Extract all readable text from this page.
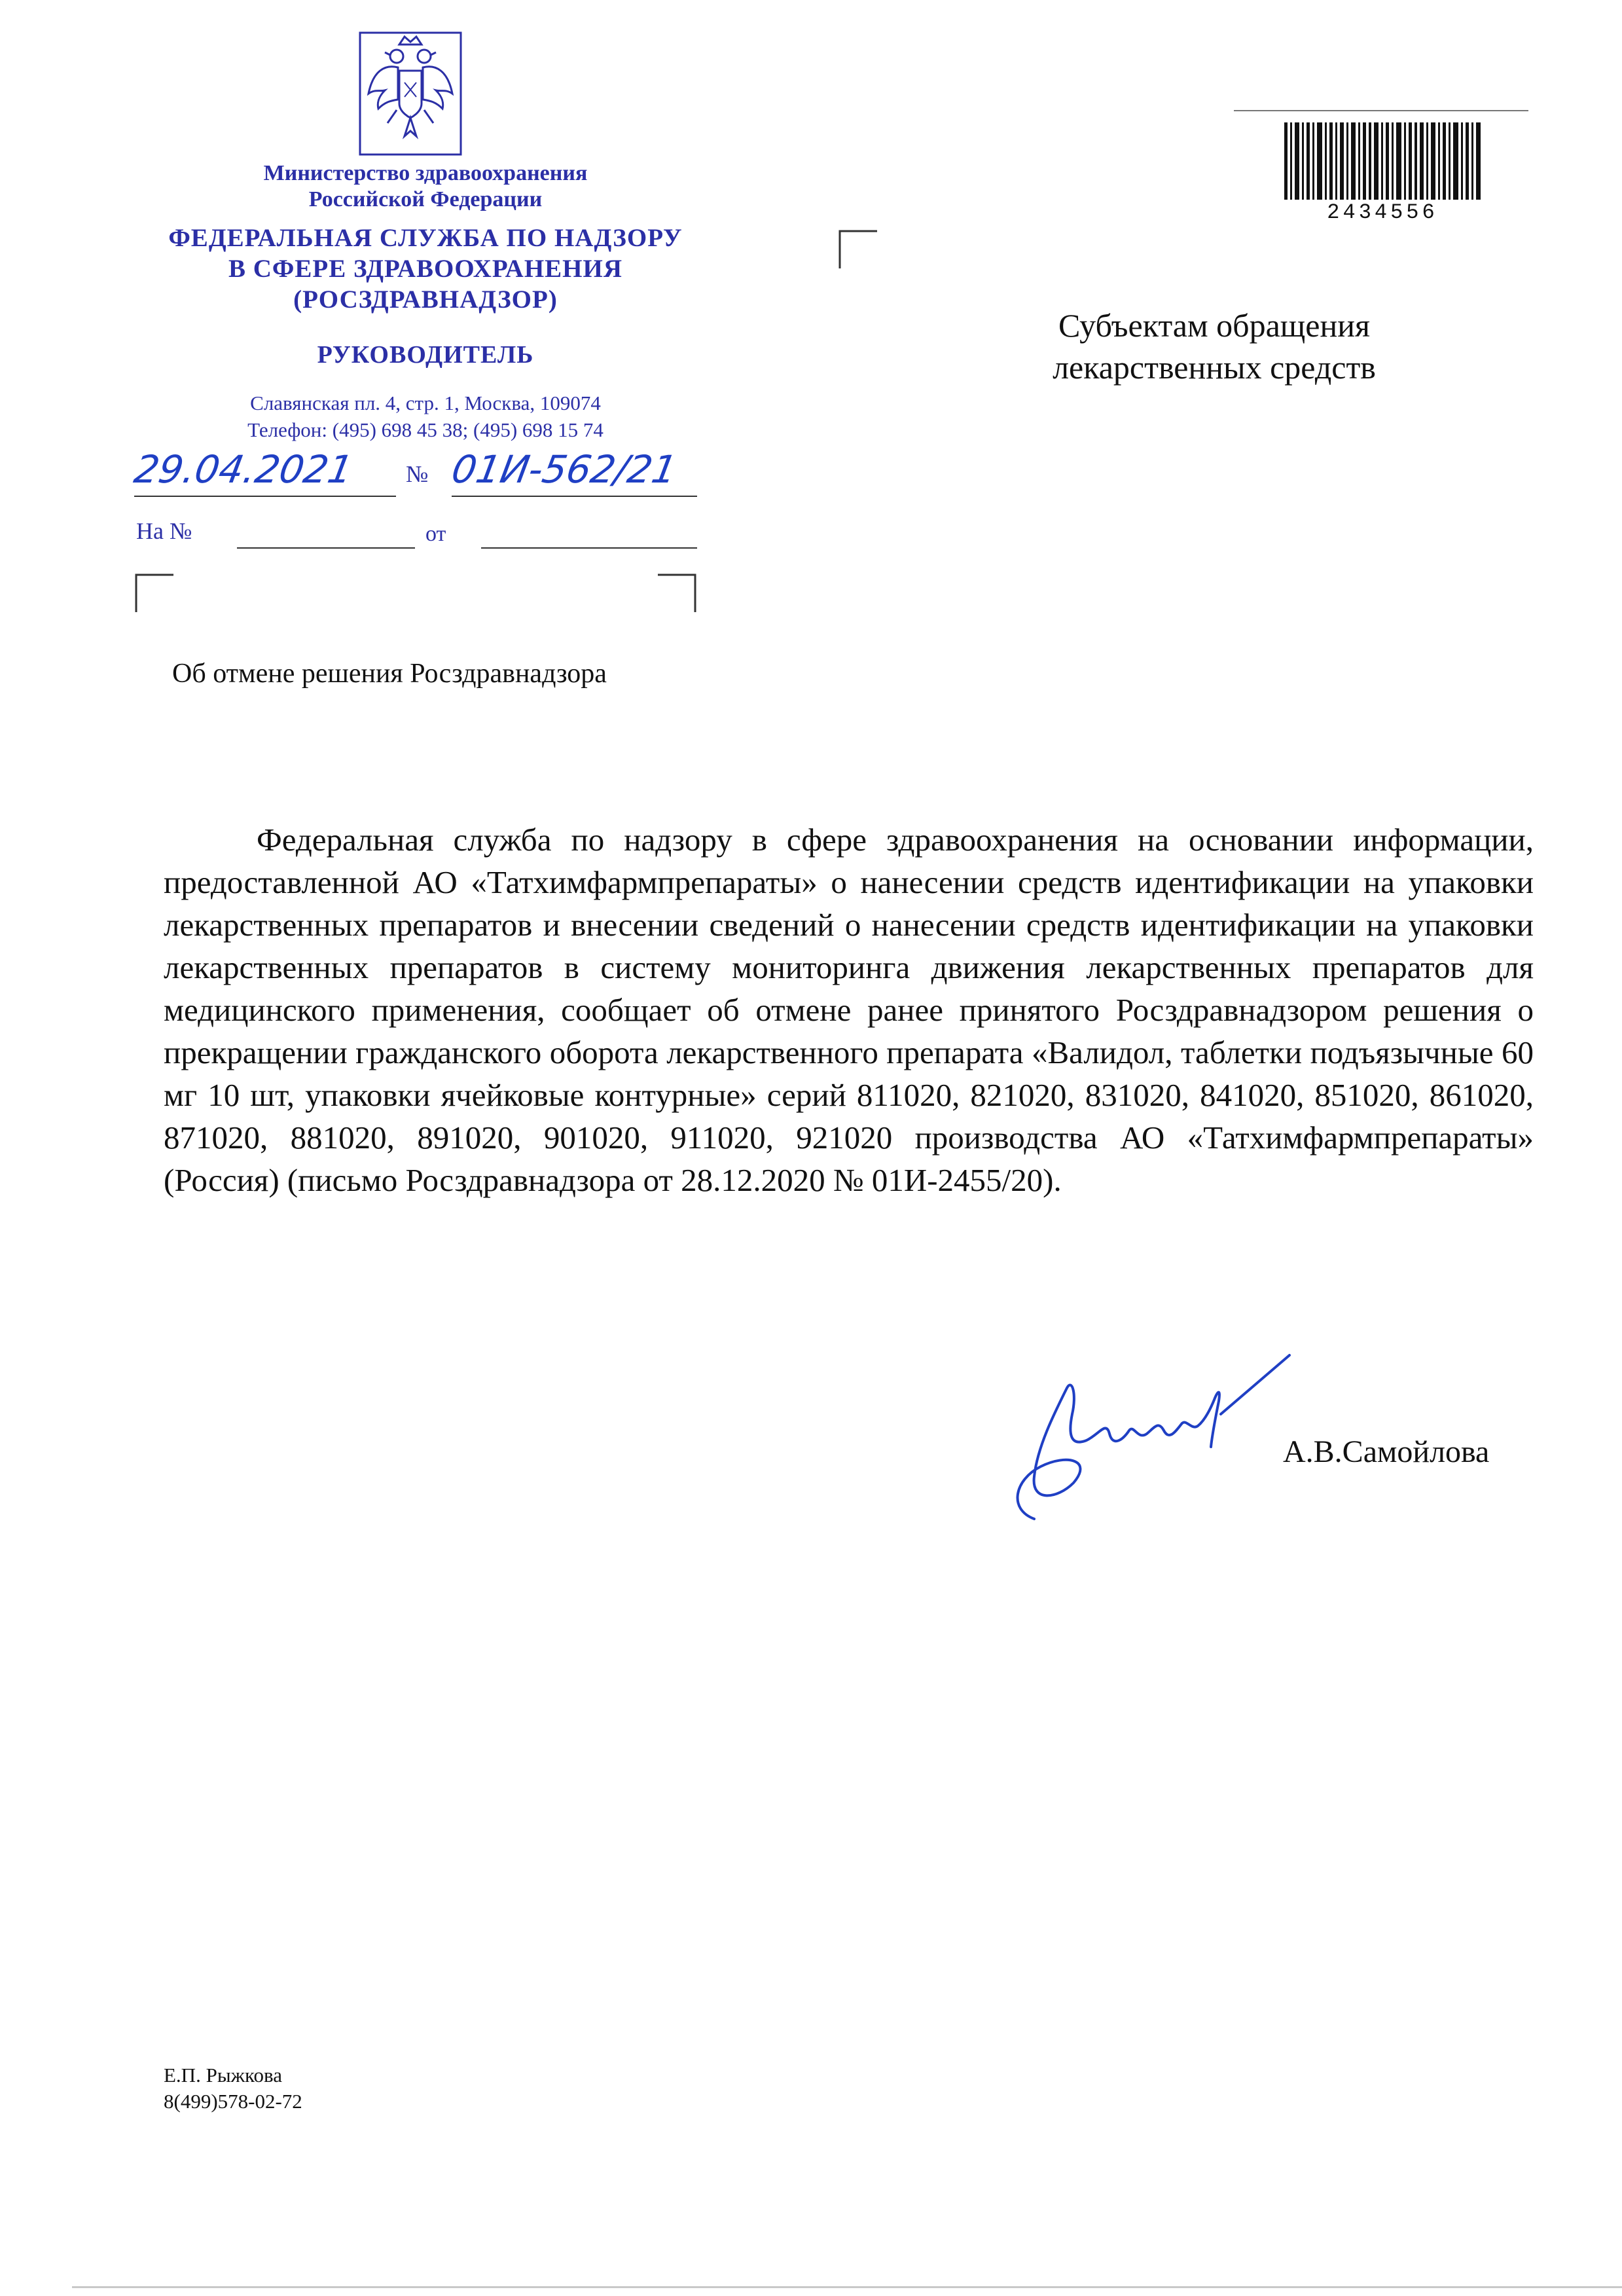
Министерство здравоохранения
Российской Федерации
ФЕДЕРАЛЬНАЯ СЛУЖБА ПО НАДЗОРУ
В СФЕРЕ ЗДРАВООХРАНЕНИЯ
(РОСЗДРАВНАДЗОР)
РУКОВОДИТЕЛЬ
Славянская пл. 4, стр. 1, Москва, 109074
Телефон: (495) 698 45 38; (495) 698 15 74
29.04.2021	№ 01И-562/21
На №	от
2434556
Субъектам обращения
лекарственных средств
Об отмене решения Росздравнадзора
Федеральная служба по надзору в сфере здравоохранения на основании информации, предоставленной АО «Татхимфармпрепараты» о нанесении средств идентификации на упаковки лекарственных препаратов и внесении сведений о нанесении средств идентификации на упаковки лекарственных препаратов в систему мониторинга движения лекарственных препаратов для медицинского применения, сообщает об отмене ранее принятого Росздравнадзором решения о прекращении гражданского оборота лекарственного препарата «Валидол, таблетки подъязычные 60 мг 10 шт, упаковки ячейковые контурные» серий 811020, 821020, 831020, 841020, 851020, 861020, 871020, 881020, 891020, 901020, 911020, 921020 производства АО «Татхимфармпрепараты» (Россия) (письмо Росздравнадзора от 28.12.2020 № 01И-2455/20).
А.В.Самойлова
Е.П. Рыжкова
8(499)578-02-72
